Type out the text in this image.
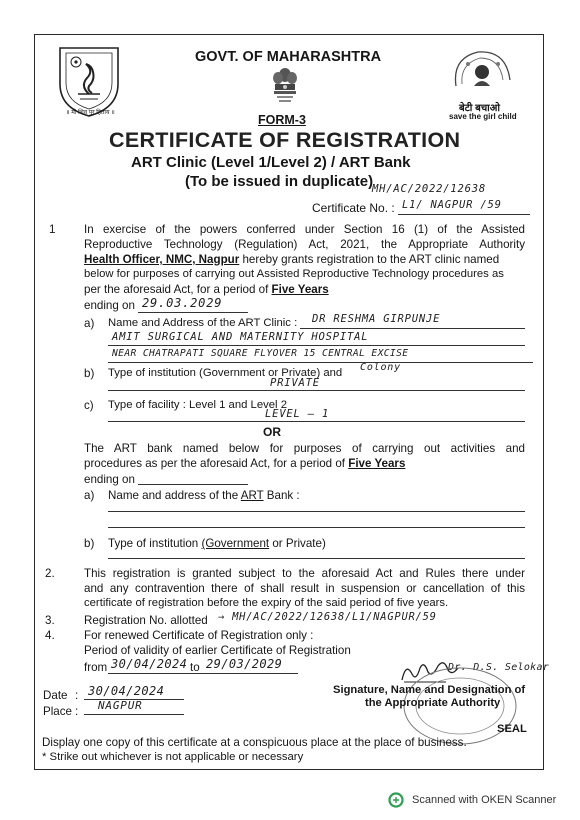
GOVT. OF MAHARASHTRA
FORM-3
CERTIFICATE OF REGISTRATION
ART Clinic (Level 1/Level 2) / ART Bank
(To be issued in duplicate)
॥ मी शिव पुर हिताय ॥	बेटी बचाओ
save the girl child
MH/AC/2022/12638
Certificate No. : L1/ NAGPUR /59
1 In exercise of the powers conferred under Section 16 (1) of the Assisted
Reproductive Technology (Regulation) Act, 2021, the Appropriate Authority
Health Officer, NMC, Nagpur hereby grants registration to the ART clinic named
below for purposes of carrying out Assisted Reproductive Technology procedures as
per the aforesaid Act, for a period of Five Years
ending on 29.03.2029
a) Name and Address of the ART Clinic : DR RESHMA GIRPUNJE
AMIT SURGICAL AND MATERNITY HOSPITAL
NEAR CHATRAPATI SQUARE FLYOVER 15 CENTRAL EXCISE
Colony
b) Type of institution (Government or Private) and
PRIVATE
c) Type of facility : Level 1 and Level 2
LEVEL — 1
OR
The ART bank named below for purposes of carrying out activities and
procedures as per the aforesaid Act, for a period of Five Years
ending on
a) Name and address of the ART Bank :
b) Type of institution (Government or Private)
2.	This registration is granted subject to the aforesaid Act and Rules there under
and any contravention there of shall result in suspension or cancellation of this
certificate of registration before the expiry of the said period of five years.
3.	Registration No. allotted → MH/AC/2022/12638/L1/NAGPUR/59
4.	For renewed Certificate of Registration only :
Period of validity of earlier Certificate of Registration
from 30/04/2024 to 29/03/2029	Dr. D.S. Selokar
Date : 30/04/2024
Place : NAGPUR
Signature, Name and Designation of
the Appropriate Authority
SEAL
Display one copy of this certificate at a conspicuous place at the place of business.
* Strike out whichever is not applicable or necessary
Scanned with OKEN Scanner
